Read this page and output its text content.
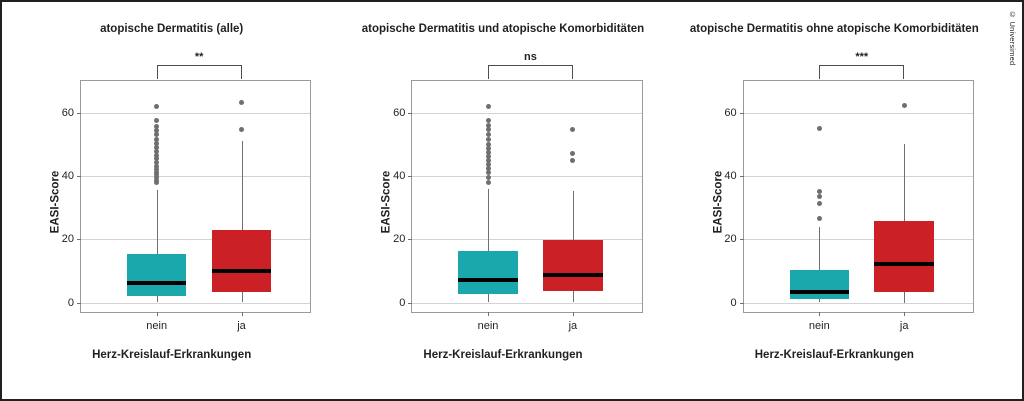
© Universimed
atopische Dermatitis (alle)
EASI-Score
0
20
40
60
nein	ja
**
Herz-Kreislauf-Erkrankungen
atopische Dermatitis und atopische Komorbiditäten
EASI-Score
0
20
40
60
nein	ja
ns
Herz-Kreislauf-Erkrankungen
atopische Dermatitis ohne atopische Komorbiditäten
EASI-Score
0
20
40
60
nein	ja
***
Herz-Kreislauf-Erkrankungen
